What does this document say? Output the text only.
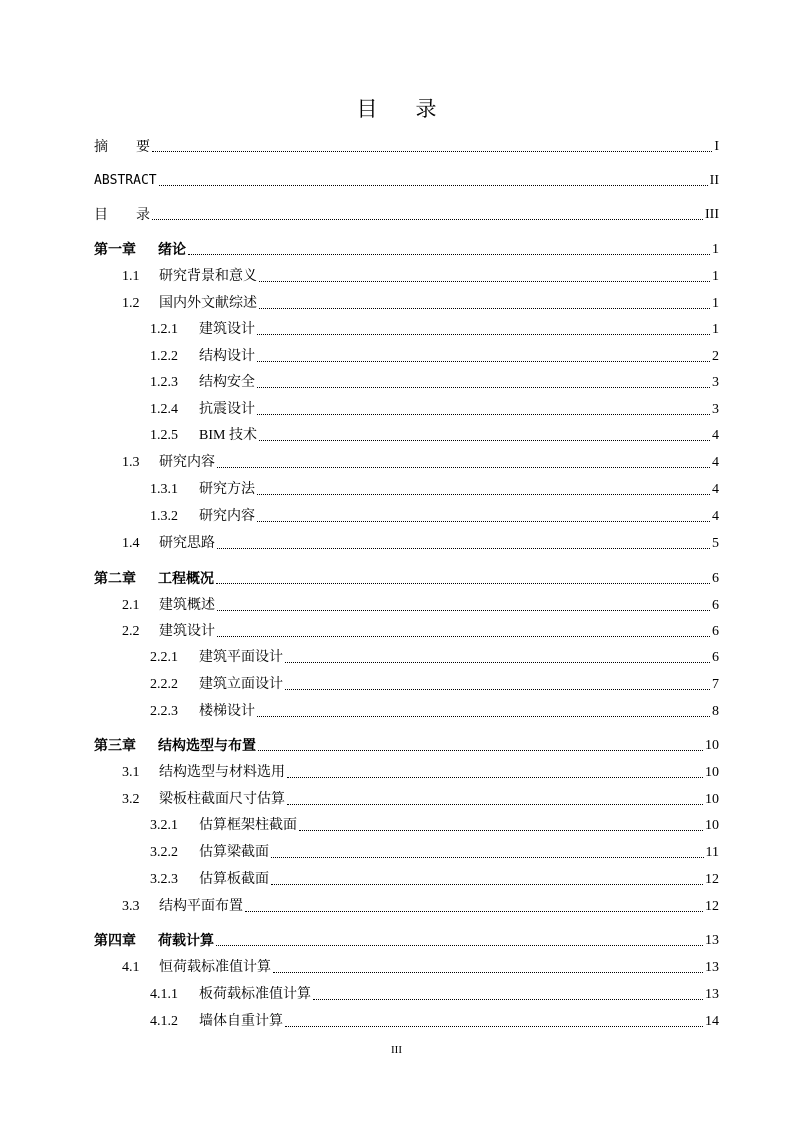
目 录
摘　　要	I
ABSTRACT	II
目　　录	III
第一章	绪论	1
1.1	研究背景和意义	1
1.2	国内外文献综述	1
1.2.1	建筑设计	1
1.2.2	结构设计	2
1.2.3	结构安全	3
1.2.4	抗震设计	3
1.2.5	BIM 技术	4
1.3	研究内容	4
1.3.1	研究方法	4
1.3.2	研究内容	4
1.4	研究思路	5
第二章	工程概况	6
2.1	建筑概述	6
2.2	建筑设计	6
2.2.1	建筑平面设计	6
2.2.2	建筑立面设计	7
2.2.3	楼梯设计	8
第三章	结构选型与布置	10
3.1	结构选型与材料选用	10
3.2	梁板柱截面尺寸估算	10
3.2.1	估算框架柱截面	10
3.2.2	估算梁截面	11
3.2.3	估算板截面	12
3.3	结构平面布置	12
第四章	荷载计算	13
4.1	恒荷载标准值计算	13
4.1.1	板荷载标准值计算	13
4.1.2	墙体自重计算	14
III
